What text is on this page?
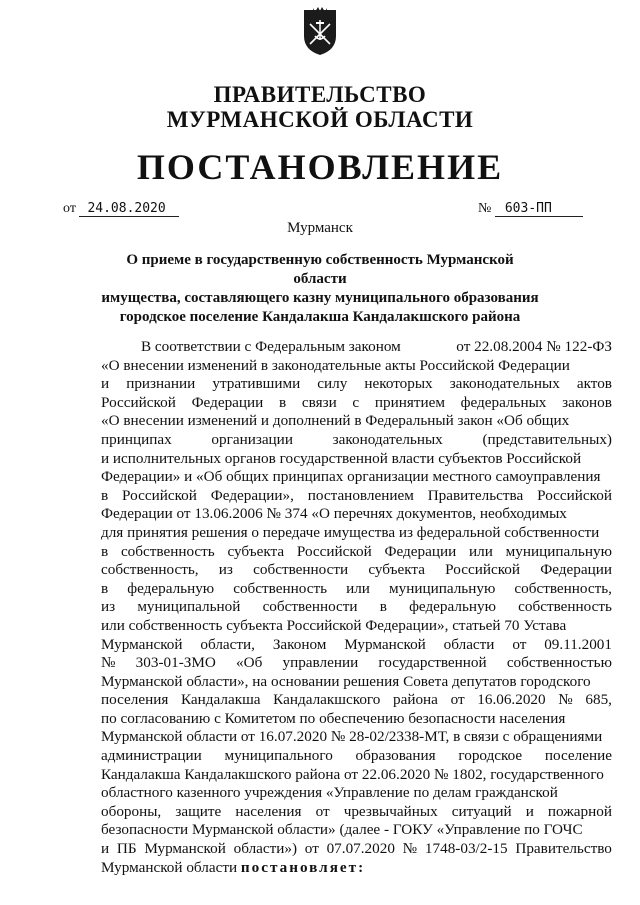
ПРАВИТЕЛЬСТВО
МУРМАНСКОЙ ОБЛАСТИ
ПОСТАНОВЛЕНИЕ
от 24.08.2020	№ 603-ПП
Мурманск
О приеме в государственную собственность Мурманской области
имущества, составляющего казну муниципального образования
городское поселение Кандалакша Кандалакшского района
В соответствии с Федеральным законом	от 22.08.2004 № 122-ФЗ
«О внесении изменений в законодательные акты Российской Федерации
и признании утратившими силу некоторых законодательных актов
Российской Федерации в связи с принятием федеральных законов
«О внесении изменений и дополнений в Федеральный закон «Об общих
принципах	организации	законодательных	(представительных)
и исполнительных органов государственной власти субъектов Российской
Федерации» и «Об общих принципах организации местного самоуправления
в Российской Федерации», постановлением Правительства Российской
Федерации от 13.06.2006 № 374 «О перечнях документов, необходимых
для принятия решения о передаче имущества из федеральной собственности
в собственность субъекта Российской Федерации или муниципальную
собственность, из собственности субъекта Российской Федерации
в федеральную собственность или муниципальную собственность,
из муниципальной собственности в федеральную собственность
или собственность субъекта Российской Федерации», статьей 70 Устава
Мурманской области, Законом Мурманской области от 09.11.2001
№ 303-01-ЗМО «Об управлении государственной собственностью
Мурманской области», на основании решения Совета депутатов городского
поселения Кандалакша Кандалакшского района от 16.06.2020 № 685,
по согласованию с Комитетом по обеспечению безопасности населения
Мурманской области от 16.07.2020 № 28-02/2338-МТ, в связи с обращениями
администрации муниципального образования городское поселение
Кандалакша Кандалакшского района от 22.06.2020 № 1802, государственного
областного казенного учреждения «Управление по делам гражданской
обороны, защите населения от чрезвычайных ситуаций и пожарной
безопасности Мурманской области» (далее - ГОКУ «Управление по ГОЧС
и ПБ Мурманской области») от 07.07.2020 № 1748-03/2-15 Правительство
Мурманской области постановляет:
